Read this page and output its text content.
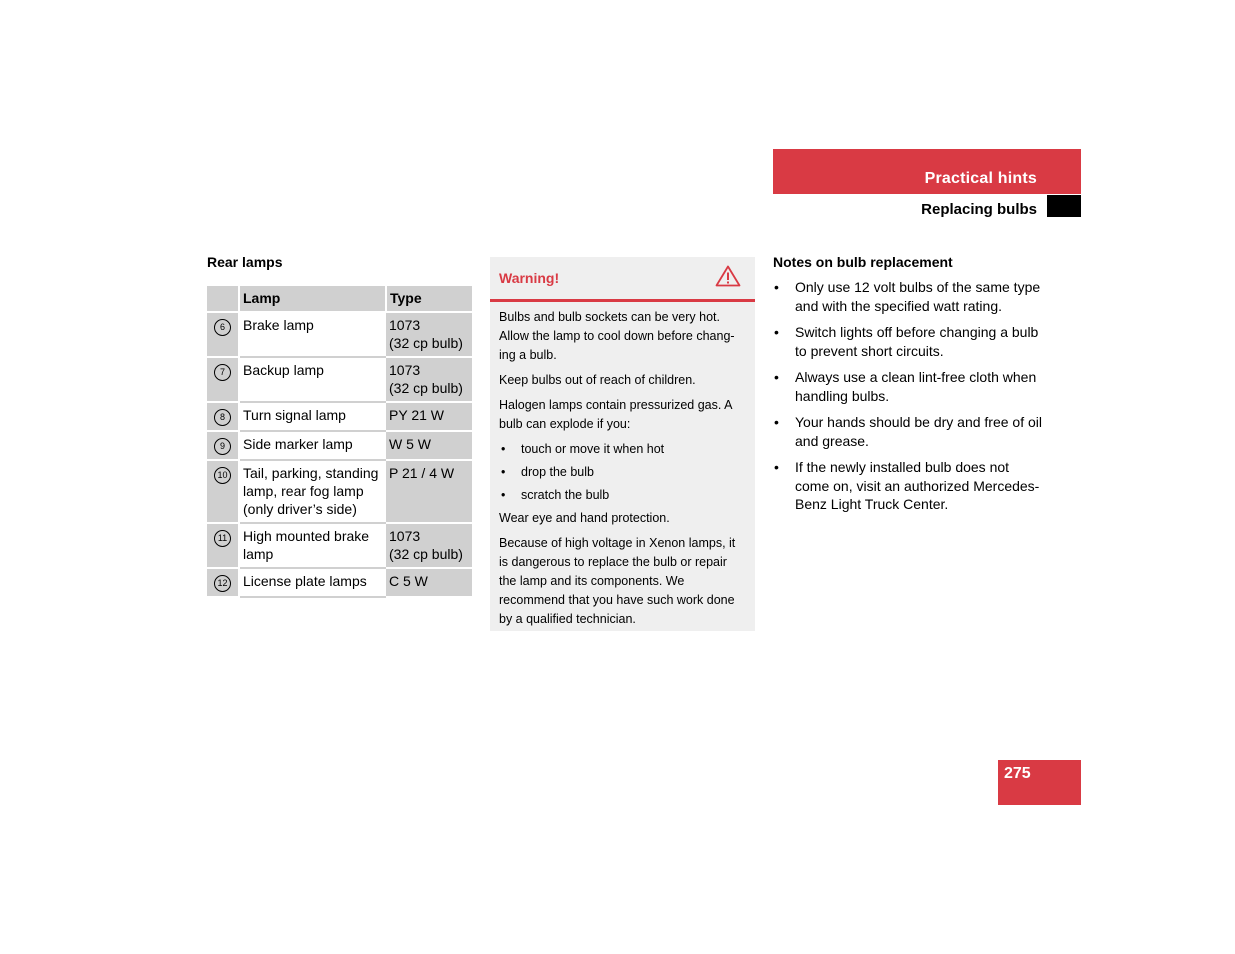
Practical hints
Replacing bulbs
Rear lamps
	Lamp	Type
6	Brake lamp	1073
(32 cp bulb)
7	Backup lamp	1073
(32 cp bulb)
8	Turn signal lamp	PY 21 W
9	Side marker lamp	W 5 W
10	Tail, parking, standing lamp, rear fog lamp (only driver’s side)	P 21 / 4 W
11	High mounted brake lamp	1073
(32 cp bulb)
12	License plate lamps	C 5 W
Warning!

Bulbs and bulb sockets can be very hot. Allow the lamp to cool down before chang-ing a bulb.

Keep bulbs out of reach of children.

Halogen lamps contain pressurized gas. A bulb can explode if you:

• touch or move it when hot
• drop the bulb
• scratch the bulb

Wear eye and hand protection.

Because of high voltage in Xenon lamps, it is dangerous to replace the bulb or repair the lamp and its components. We recommend that you have such work done by a qualified technician.

Notes on bulb replacement
• Only use 12 volt bulbs of the same type and with the specified watt rating.
• Switch lights off before changing a bulb to prevent short circuits.
• Always use a clean lint-free cloth when handling bulbs.
• Your hands should be dry and free of oil and grease.
• If the newly installed bulb does not come on, visit an authorized Mercedes-Benz Light Truck Center.
275
